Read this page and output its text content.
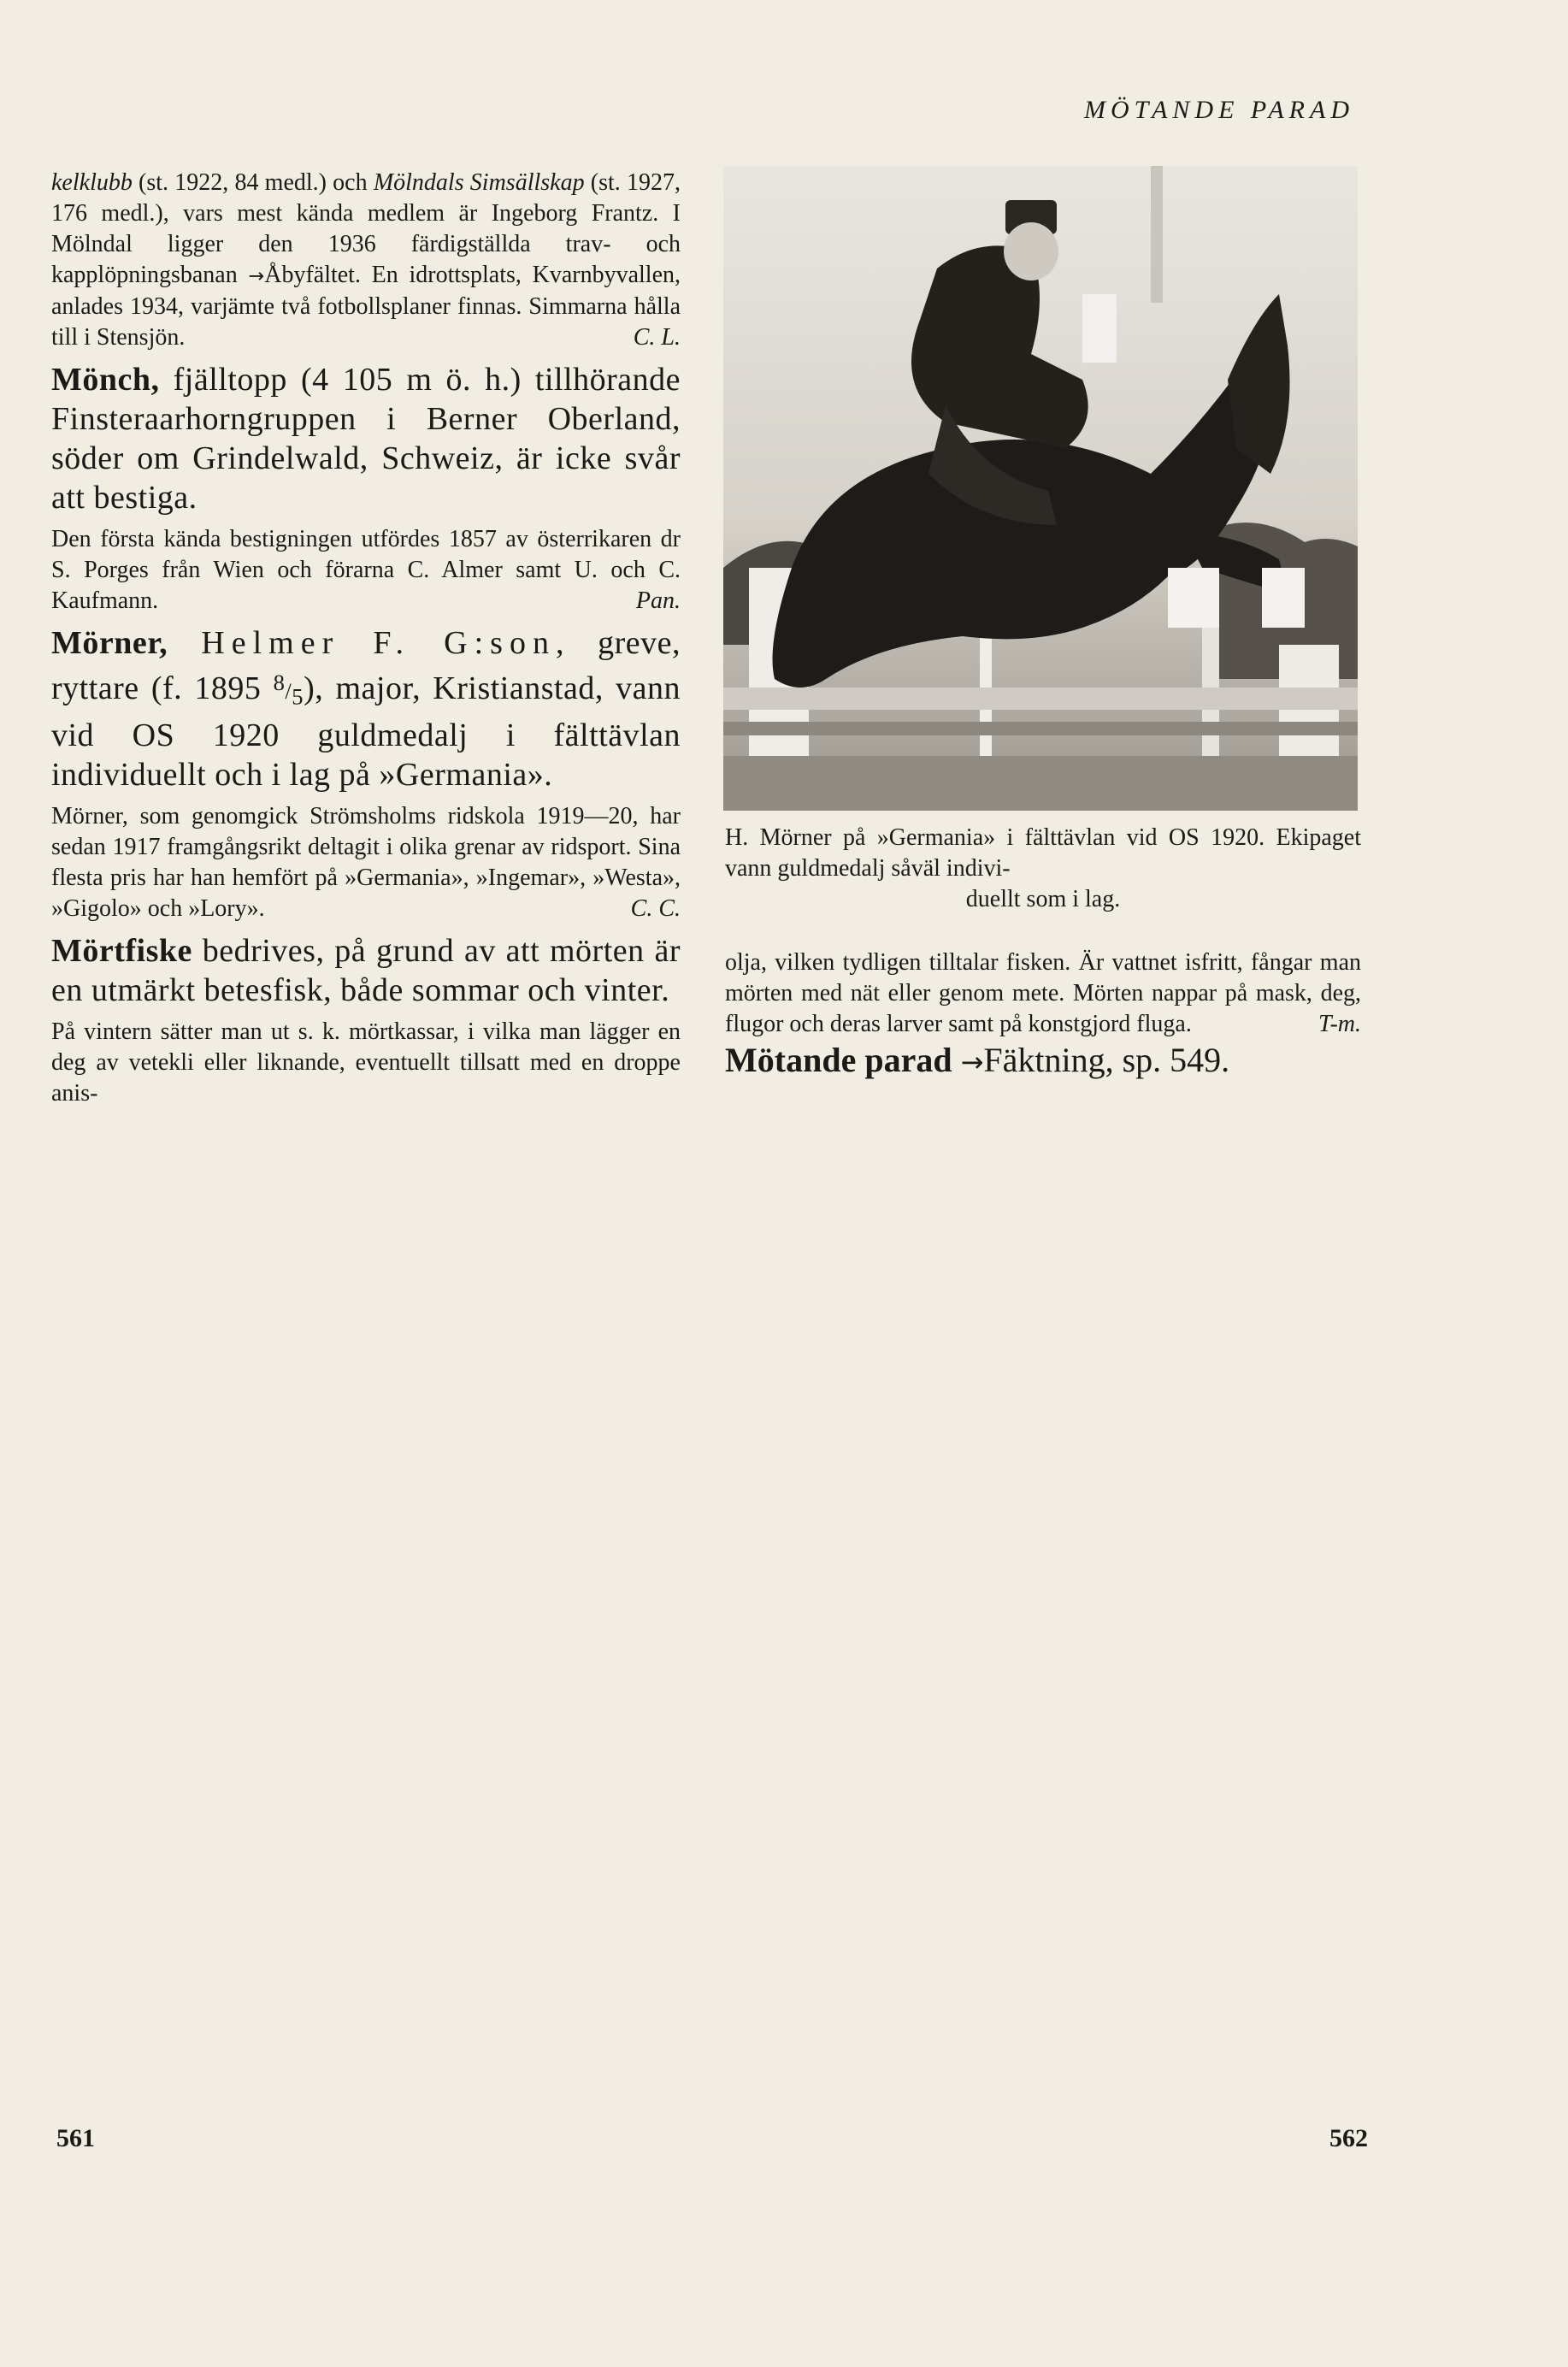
MÖTANDE PARAD

kelklubb (st. 1922, 84 medl.) och Mölndals Simsällskap (st. 1927, 176 medl.), vars mest kända medlem är Ingeborg Frantz. I Mölndal ligger den 1936 färdigställda trav- och kapplöpningsbanan →Åbyfältet. En idrottsplats, Kvarnbyvallen, anlades 1934, varjämte två fotbollsplaner finnas. Simmarna hålla till i Stensjön.	C. L.

Mönch, fjälltopp (4 105 m ö. h.) tillhörande Finsteraarhorngruppen i Berner Oberland, söder om Grindelwald, Schweiz, är icke svår att bestiga.

Den första kända bestigningen utfördes 1857 av österrikaren dr S. Porges från Wien och förarna C. Almer samt U. och C. Kaufmann.	Pan.

Mörner, Helmer F. G:son, greve, ryttare (f. 1895 $^8/_5$), major, Kristianstad, vann vid OS 1920 guldmedalj i fälttävlan individuellt och i lag på »Germania».

Mörner, som genomgick Strömsholms ridskola 1919—20, har sedan 1917 framgångsrikt deltagit i olika grenar av ridsport. Sina flesta pris har han hemfört på »Germania», »Ingemar», »Westa», »Gigolo» och »Lory».	C. C.

Mörtfiske bedrives, på grund av att mörten är en utmärkt betesfisk, både sommar och vinter.

På vintern sätter man ut s. k. mörtkassar, i vilka man lägger en deg av vetekli eller liknande, eventuellt tillsatt med en droppe anis-

H. Mörner på »Germania» i fälttävlan vid OS 1920. Ekipaget vann guldmedalj såväl indivi-

duellt som i lag.

olja, vilken tydligen tilltalar fisken. Är vattnet isfritt, fångar man mörten med nät eller genom mete. Mörten nappar på mask, deg, flugor och deras larver samt på konstgjord fluga.	T-m.

Mötande parad →Fäktning, sp. 549.

561	562
